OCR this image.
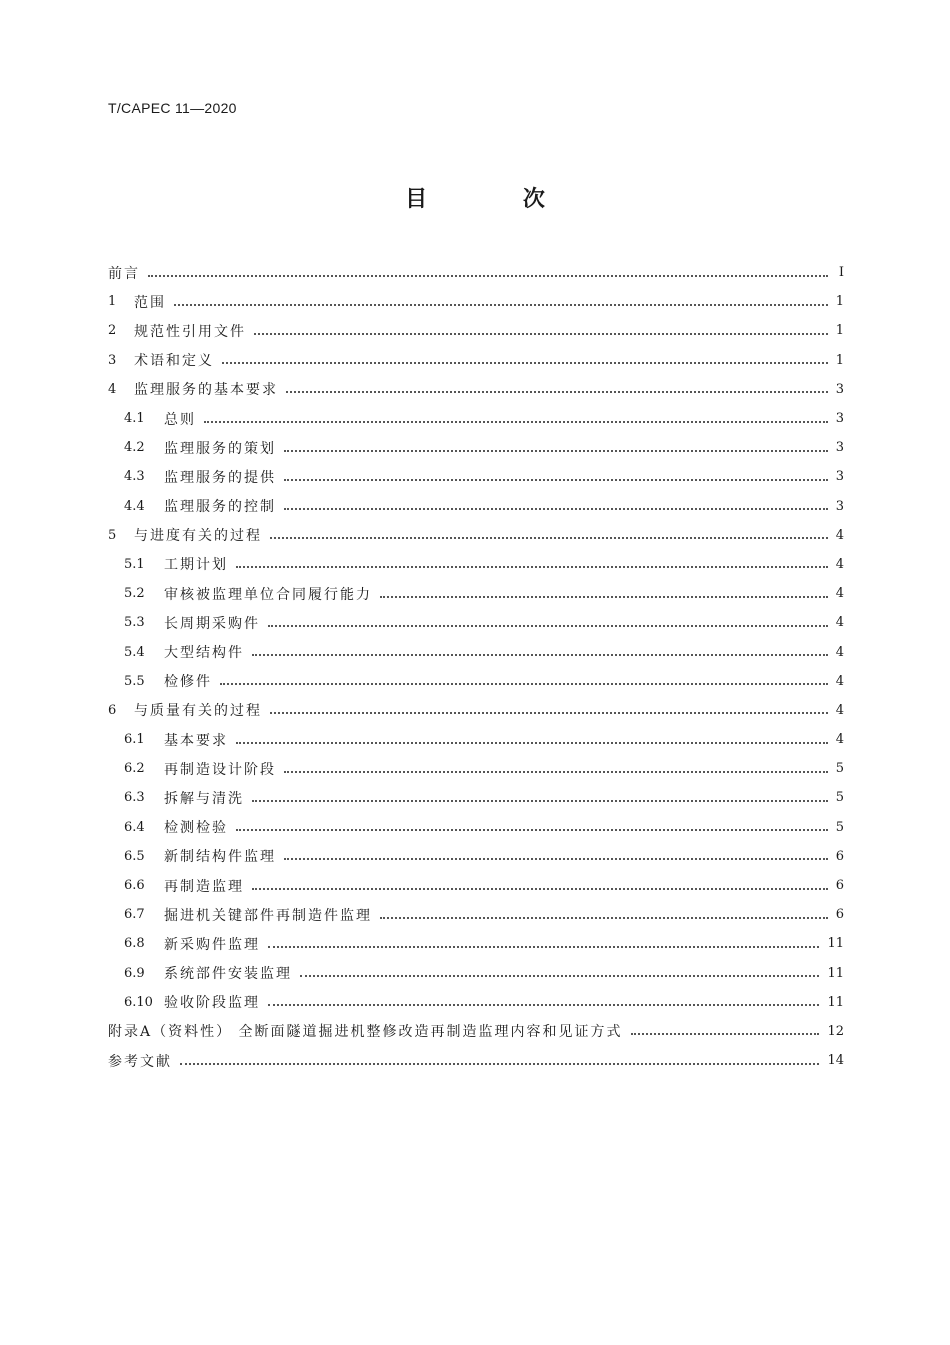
T/CAPEC 11—2020
目 次
前言	Ⅰ
1	范围	1
2	规范性引用文件	1
3	术语和定义	1
4	监理服务的基本要求	3
4.1	总则	3
4.2	监理服务的策划	3
4.3	监理服务的提供	3
4.4	监理服务的控制	3
5	与进度有关的过程	4
5.1	工期计划	4
5.2	审核被监理单位合同履行能力	4
5.3	长周期采购件	4
5.4	大型结构件	4
5.5	检修件	4
6	与质量有关的过程	4
6.1	基本要求	4
6.2	再制造设计阶段	5
6.3	拆解与清洗	5
6.4	检测检验	5
6.5	新制结构件监理	6
6.6	再制造监理	6
6.7	掘进机关键部件再制造件监理	6
6.8	新采购件监理	11
6.9	系统部件安装监理	11
6.10 验收阶段监理	11
附录A（资料性） 全断面隧道掘进机整修改造再制造监理内容和见证方式	12
参考文献	14
